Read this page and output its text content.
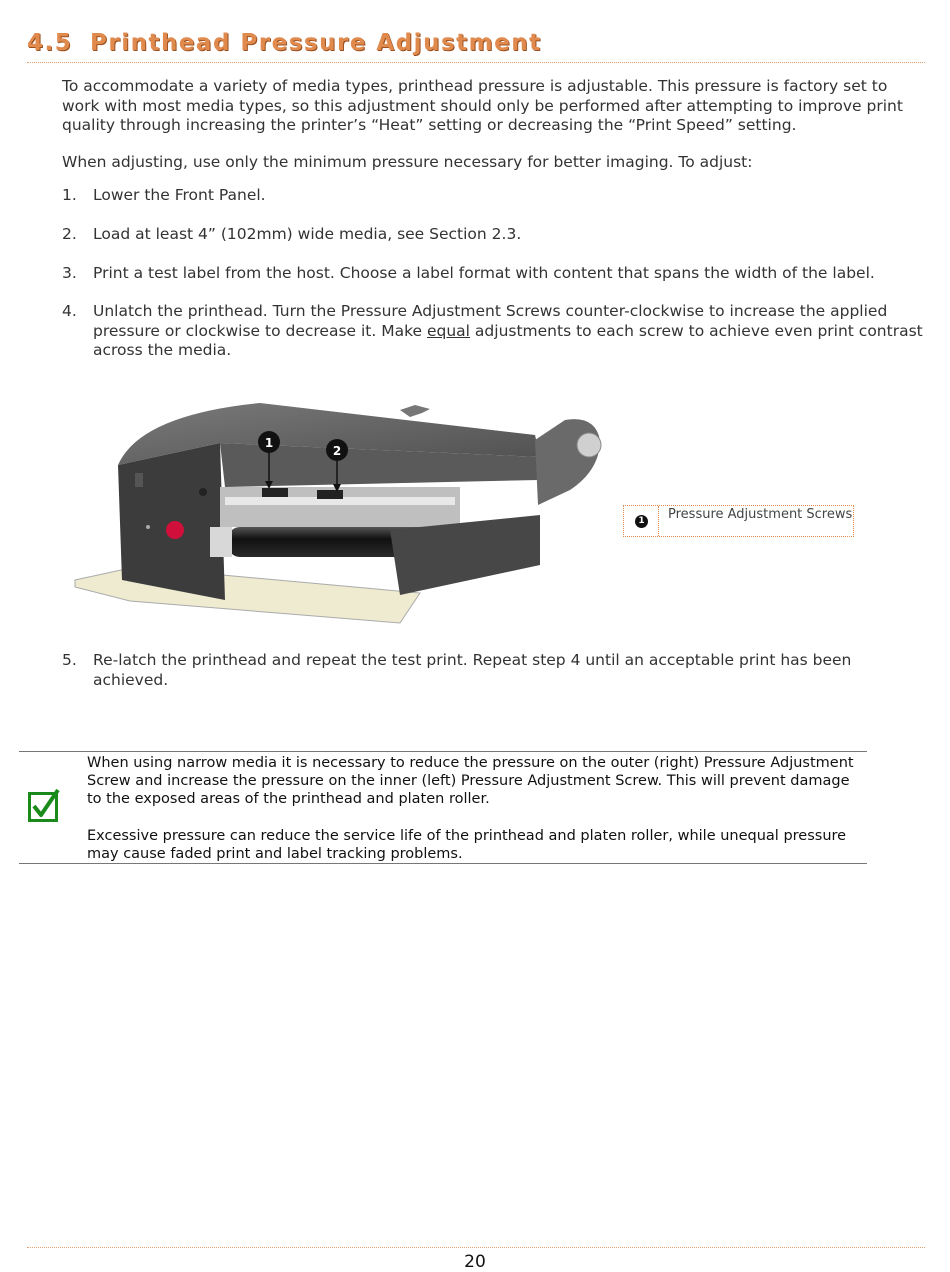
4.5 Printhead Pressure Adjustment
To accommodate a variety of media types, printhead pressure is adjustable. This pressure is factory set to work with most media types, so this adjustment should only be performed after attempting to improve print quality through increasing the printer’s “Heat” setting or decreasing the “Print Speed” setting.
When adjusting, use only the minimum pressure necessary for better imaging. To adjust:
1. Lower the Front Panel.
2. Load at least 4” (102mm) wide media, see Section 2.3.
3. Print a test label from the host. Choose a label format with content that spans the width of the label.
4. Unlatch the printhead. Turn the Pressure Adjustment Screws counter-clockwise to increase the applied pressure or clockwise to decrease it. Make equal adjustments to each screw to achieve even print contrast across the media.
1
2
1 Pressure Adjustment Screws
5. Re-latch the printhead and repeat the test print. Repeat step 4 until an acceptable print has been achieved.
When using narrow media it is necessary to reduce the pressure on the outer (right) Pressure Adjustment Screw and increase the pressure on the inner (left) Pressure Adjustment Screw. This will prevent damage to the exposed areas of the printhead and platen roller.
Excessive pressure can reduce the service life of the printhead and platen roller, while unequal pressure may cause faded print and label tracking problems.
20
